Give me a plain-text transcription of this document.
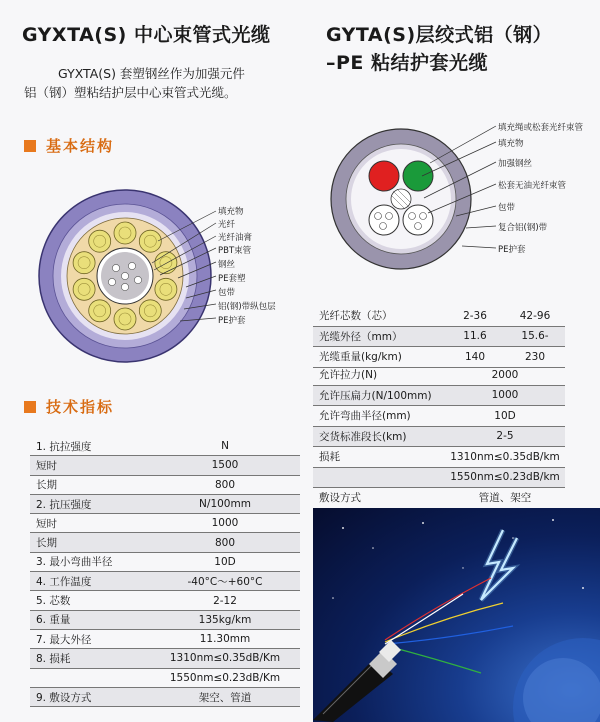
GYXTA(S) 中心束管式光缆
GYXTA(S) 套塑钢丝作为加强元件
铝（钢）塑粘结护层中心束管式光缆。
基本结构
填充物
光纤
光纤油膏
PBT束管
钢丝
PE套塑
包带
铝(钢)带纵包层
PE护套
技术指标
1. 抗拉强度	N
短时	1500
长期	800
2. 抗压强度	N/100mm
短时	1000
长期	800
3. 最小弯曲半径	10D
4. 工作温度	-40°C～+60°C
5. 芯数	2-12
6. 重量	135kg/km
7. 最大外径	11.30mm
8. 损耗	1310nm≤0.35dB/Km
	1550nm≤0.23dB/Km
9. 敷设方式	架空、管道
GYTA(S)层绞式铝（钢）
–PE 粘结护套光缆
填充绳或松套光纤束管
填充物
加强钢丝
松套无油光纤束管
包带
复合铝(钢)带
PE护套
光纤芯数（芯）	2-36	42-96
光缆外径（mm）	11.6	15.6-
光缆重量(kg/km)	140	230
允许拉力(N)	2000
允许压扁力(N/100mm)	1000
允许弯曲半径(mm)	10D
交货标准段长(km)	2-5
损耗	1310nm≤0.35dB/km
	1550nm≤0.23dB/km
敷设方式	管道、架空
